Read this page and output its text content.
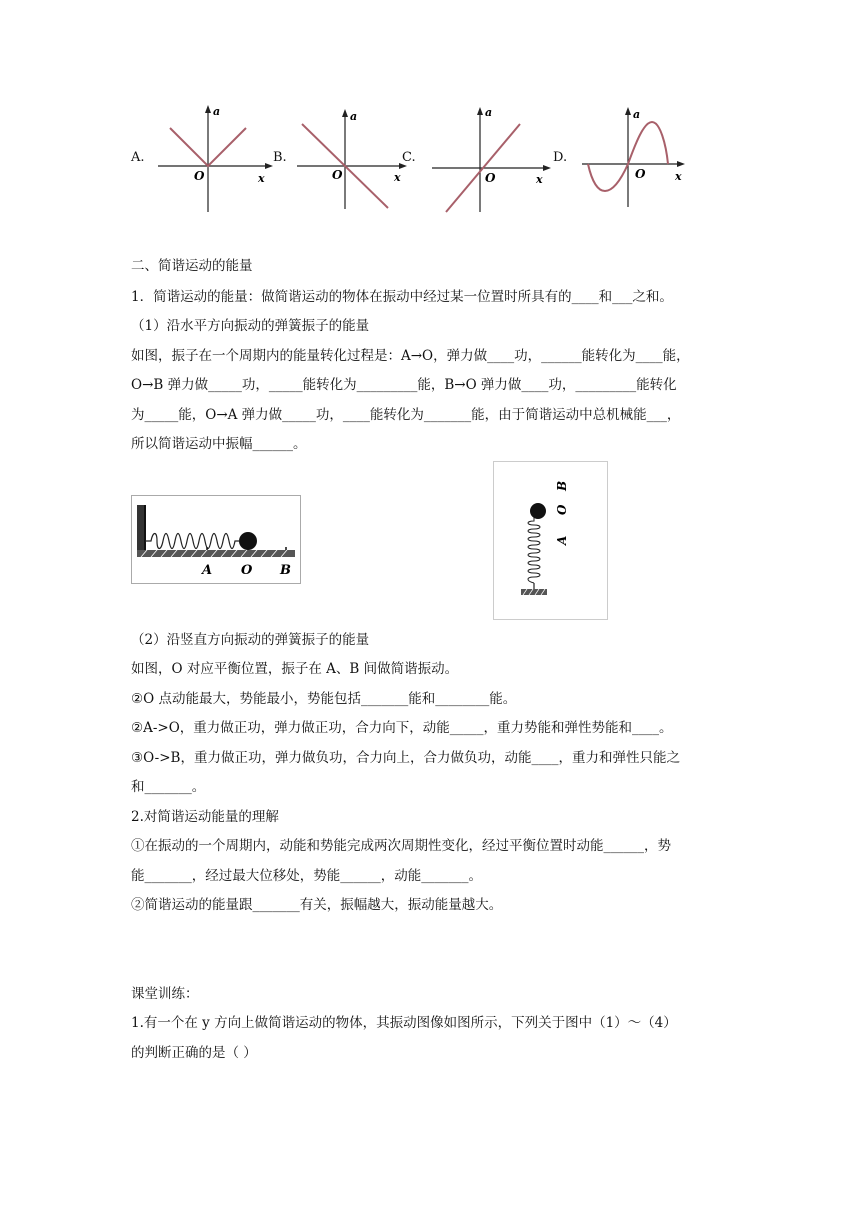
A.
a
x
O
B.
a
x
O
C.
a
x
O
D.
a
x
O
二、简谐运动的能量
1．简谐运动的能量：做简谐运动的物体在振动中经过某一位置时所具有的____和___之和。
（1）沿水平方向振动的弹簧振子的能量
如图，振子在一个周期内的能量转化过程是：A→O，弹力做____功，______能转化为____能，
O→B 弹力做_____功，_____能转化为_________能，B→O 弹力做____功，_________能转化
为_____能，O→A 弹力做_____功，____能转化为_______能，由于简谐运动中总机械能___，
所以简谐运动中振幅______。
A O B
B
O
A
（2）沿竖直方向振动的弹簧振子的能量
如图，O 对应平衡位置，振子在 A、B 间做简谐振动。
②O 点动能最大，势能最小，势能包括_______能和________能。
②A->O，重力做正功，弹力做正功，合力向下，动能_____，重力势能和弹性势能和____。
③O->B，重力做正功，弹力做负功，合力向上，合力做负功，动能____，重力和弹性只能之
和_______。
2.对简谐运动能量的理解
①在振动的一个周期内，动能和势能完成两次周期性变化，经过平衡位置时动能______，势
能_______，经过最大位移处，势能______，动能_______。
②简谐运动的能量跟_______有关，振幅越大，振动能量越大。
课堂训练：
1.有一个在 y 方向上做简谐运动的物体，其振动图像如图所示，下列关于图中（1）～（4）
的判断正确的是（ ）
